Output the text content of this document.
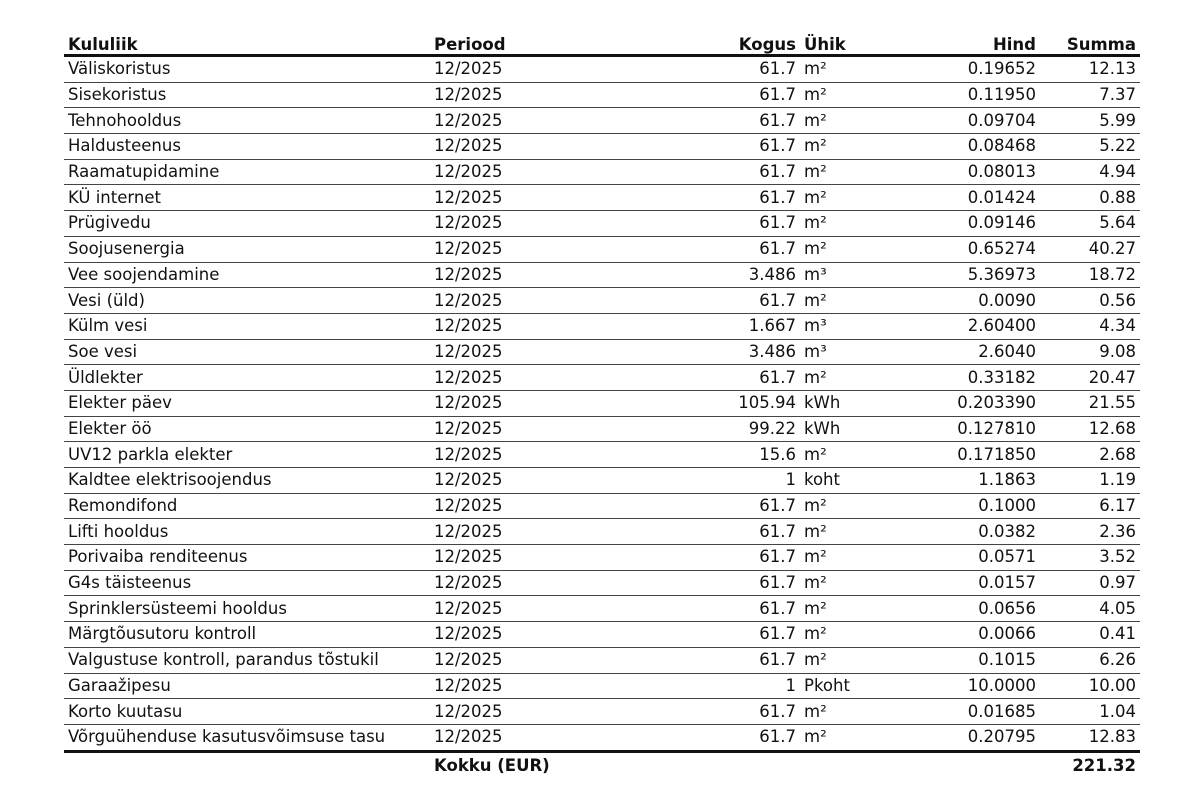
Kululiik	Periood	Kogus	Ühik	Hind	Summa
Väliskoristus	12/2025	61.7	m²	0.19652	12.13
Sisekoristus	12/2025	61.7	m²	0.11950	7.37
Tehnohooldus	12/2025	61.7	m²	0.09704	5.99
Haldusteenus	12/2025	61.7	m²	0.08468	5.22
Raamatupidamine	12/2025	61.7	m²	0.08013	4.94
KÜ internet	12/2025	61.7	m²	0.01424	0.88
Prügivedu	12/2025	61.7	m²	0.09146	5.64
Soojusenergia	12/2025	61.7	m²	0.65274	40.27
Vee soojendamine	12/2025	3.486	m³	5.36973	18.72
Vesi (üld)	12/2025	61.7	m²	0.0090	0.56
Külm vesi	12/2025	1.667	m³	2.60400	4.34
Soe vesi	12/2025	3.486	m³	2.6040	9.08
Üldlekter	12/2025	61.7	m²	0.33182	20.47
Elekter päev	12/2025	105.94	kWh	0.203390	21.55
Elekter öö	12/2025	99.22	kWh	0.127810	12.68
UV12 parkla elekter	12/2025	15.6	m²	0.171850	2.68
Kaldtee elektrisoojendus	12/2025	1	koht	1.1863	1.19
Remondifond	12/2025	61.7	m²	0.1000	6.17
Lifti hooldus	12/2025	61.7	m²	0.0382	2.36
Porivaiba renditeenus	12/2025	61.7	m²	0.0571	3.52
G4s täisteenus	12/2025	61.7	m²	0.0157	0.97
Sprinklersüsteemi hooldus	12/2025	61.7	m²	0.0656	4.05
Märgtõusutoru kontroll	12/2025	61.7	m²	0.0066	0.41
Valgustuse kontroll, parandus tõstukil	12/2025	61.7	m²	0.1015	6.26
Garaažipesu	12/2025	1	Pkoht	10.0000	10.00
Korto kuutasu	12/2025	61.7	m²	0.01685	1.04
Võrguühenduse kasutusvõimsuse tasu	12/2025	61.7	m²	0.20795	12.83
	Kokku (EUR)				221.32
